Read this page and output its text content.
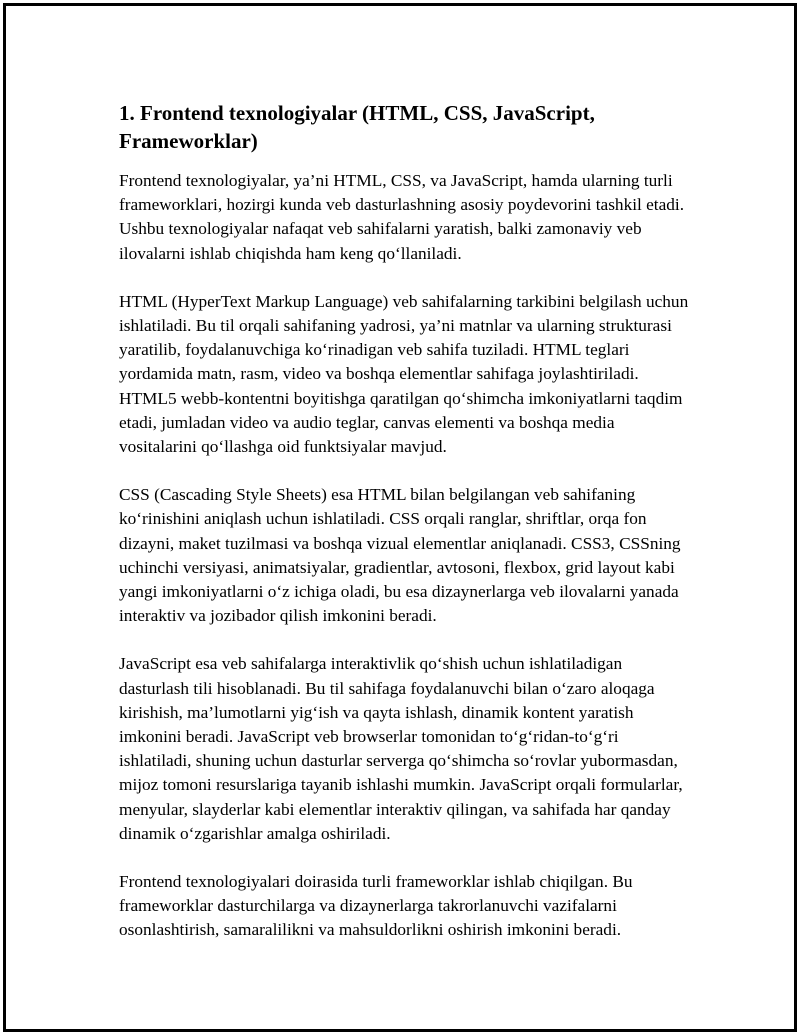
1. Frontend texnologiyalar (HTML, CSS, JavaScript, Frameworklar)

Frontend texnologiyalar, ya’ni HTML, CSS, va JavaScript, hamda ularning turli frameworklari, hozirgi kunda veb dasturlashning asosiy poydevorini tashkil etadi. Ushbu texnologiyalar nafaqat veb sahifalarni yaratish, balki zamonaviy veb ilovalarni ishlab chiqishda ham keng qo‘llaniladi.

HTML (HyperText Markup Language) veb sahifalarning tarkibini belgilash uchun ishlatiladi. Bu til orqali sahifaning yadrosi, ya’ni matnlar va ularning strukturasi yaratilib, foydalanuvchiga ko‘rinadigan veb sahifa tuziladi. HTML teglari yordamida matn, rasm, video va boshqa elementlar sahifaga joylashtiriladi. HTML5 webb-kontentni boyitishga qaratilgan qo‘shimcha imkoniyatlarni taqdim etadi, jumladan video va audio teglar, canvas elementi va boshqa media vositalarini qo‘llashga oid funktsiyalar mavjud.

CSS (Cascading Style Sheets) esa HTML bilan belgilangan veb sahifaning ko‘rinishini aniqlash uchun ishlatiladi. CSS orqali ranglar, shriftlar, orqa fon dizayni, maket tuzilmasi va boshqa vizual elementlar aniqlanadi. CSS3, CSSning uchinchi versiyasi, animatsiyalar, gradientlar, avtosoni, flexbox, grid layout kabi yangi imkoniyatlarni o‘z ichiga oladi, bu esa dizaynerlarga veb ilovalarni yanada interaktiv va jozibador qilish imkonini beradi.

JavaScript esa veb sahifalarga interaktivlik qo‘shish uchun ishlatiladigan dasturlash tili hisoblanadi. Bu til sahifaga foydalanuvchi bilan o‘zaro aloqaga kirishish, ma’lumotlarni yig‘ish va qayta ishlash, dinamik kontent yaratish imkonini beradi. JavaScript veb browserlar tomonidan to‘g‘ridan-to‘g‘ri ishlatiladi, shuning uchun dasturlar serverga qo‘shimcha so‘rovlar yubormasdan, mijoz tomoni resurslariga tayanib ishlashi mumkin. JavaScript orqali formularlar, menyular, slayderlar kabi elementlar interaktiv qilingan, va sahifada har qanday dinamik o‘zgarishlar amalga oshiriladi.

Frontend texnologiyalari doirasida turli frameworklar ishlab chiqilgan. Bu frameworklar dasturchilarga va dizaynerlarga takrorlanuvchi vazifalarni osonlashtirish, samaralilikni va mahsuldorlikni oshirish imkonini beradi.
